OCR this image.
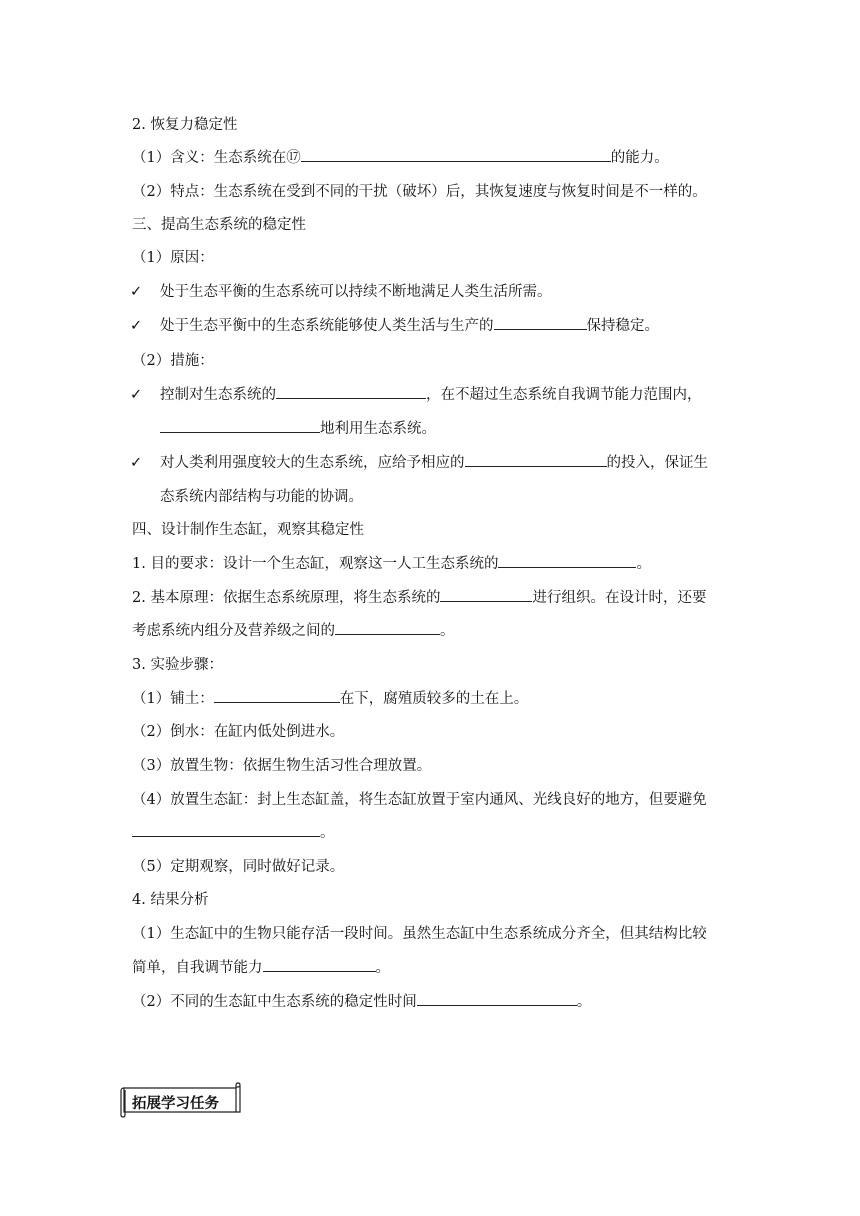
2. 恢复力稳定性
（1）含义：生态系统在⑰	的能力。
（2）特点：生态系统在受到不同的干扰（破坏）后，其恢复速度与恢复时间是不一样的。
三、提高生态系统的稳定性
（1）原因：
✓ 处于生态平衡的生态系统可以持续不断地满足人类生活所需。
✓ 处于生态平衡中的生态系统能够使人类生活与生产的	保持稳定。
（2）措施：
✓ 控制对生态系统的	，在不超过生态系统自我调节能力范围内，
地利用生态系统。
✓ 对人类利用强度较大的生态系统，应给予相应的	的投入，保证生
态系统内部结构与功能的协调。
四、设计制作生态缸，观察其稳定性
1. 目的要求：设计一个生态缸，观察这一人工生态系统的	。
2. 基本原理：依据生态系统原理，将生态系统的	进行组织。在设计时，还要
考虑系统内组分及营养级之间的	。
3. 实验步骤：
（1）铺土：	在下，腐殖质较多的土在上。
（2）倒水：在缸内低处倒进水。
（3）放置生物：依据生物生活习性合理放置。
（4）放置生态缸：封上生态缸盖，将生态缸放置于室内通风、光线良好的地方，但要避免
。
（5）定期观察，同时做好记录。
4. 结果分析
（1）生态缸中的生物只能存活一段时间。虽然生态缸中生态系统成分齐全，但其结构比较
简单，自我调节能力	。
（2）不同的生态缸中生态系统的稳定性时间	。
拓展学习任务
